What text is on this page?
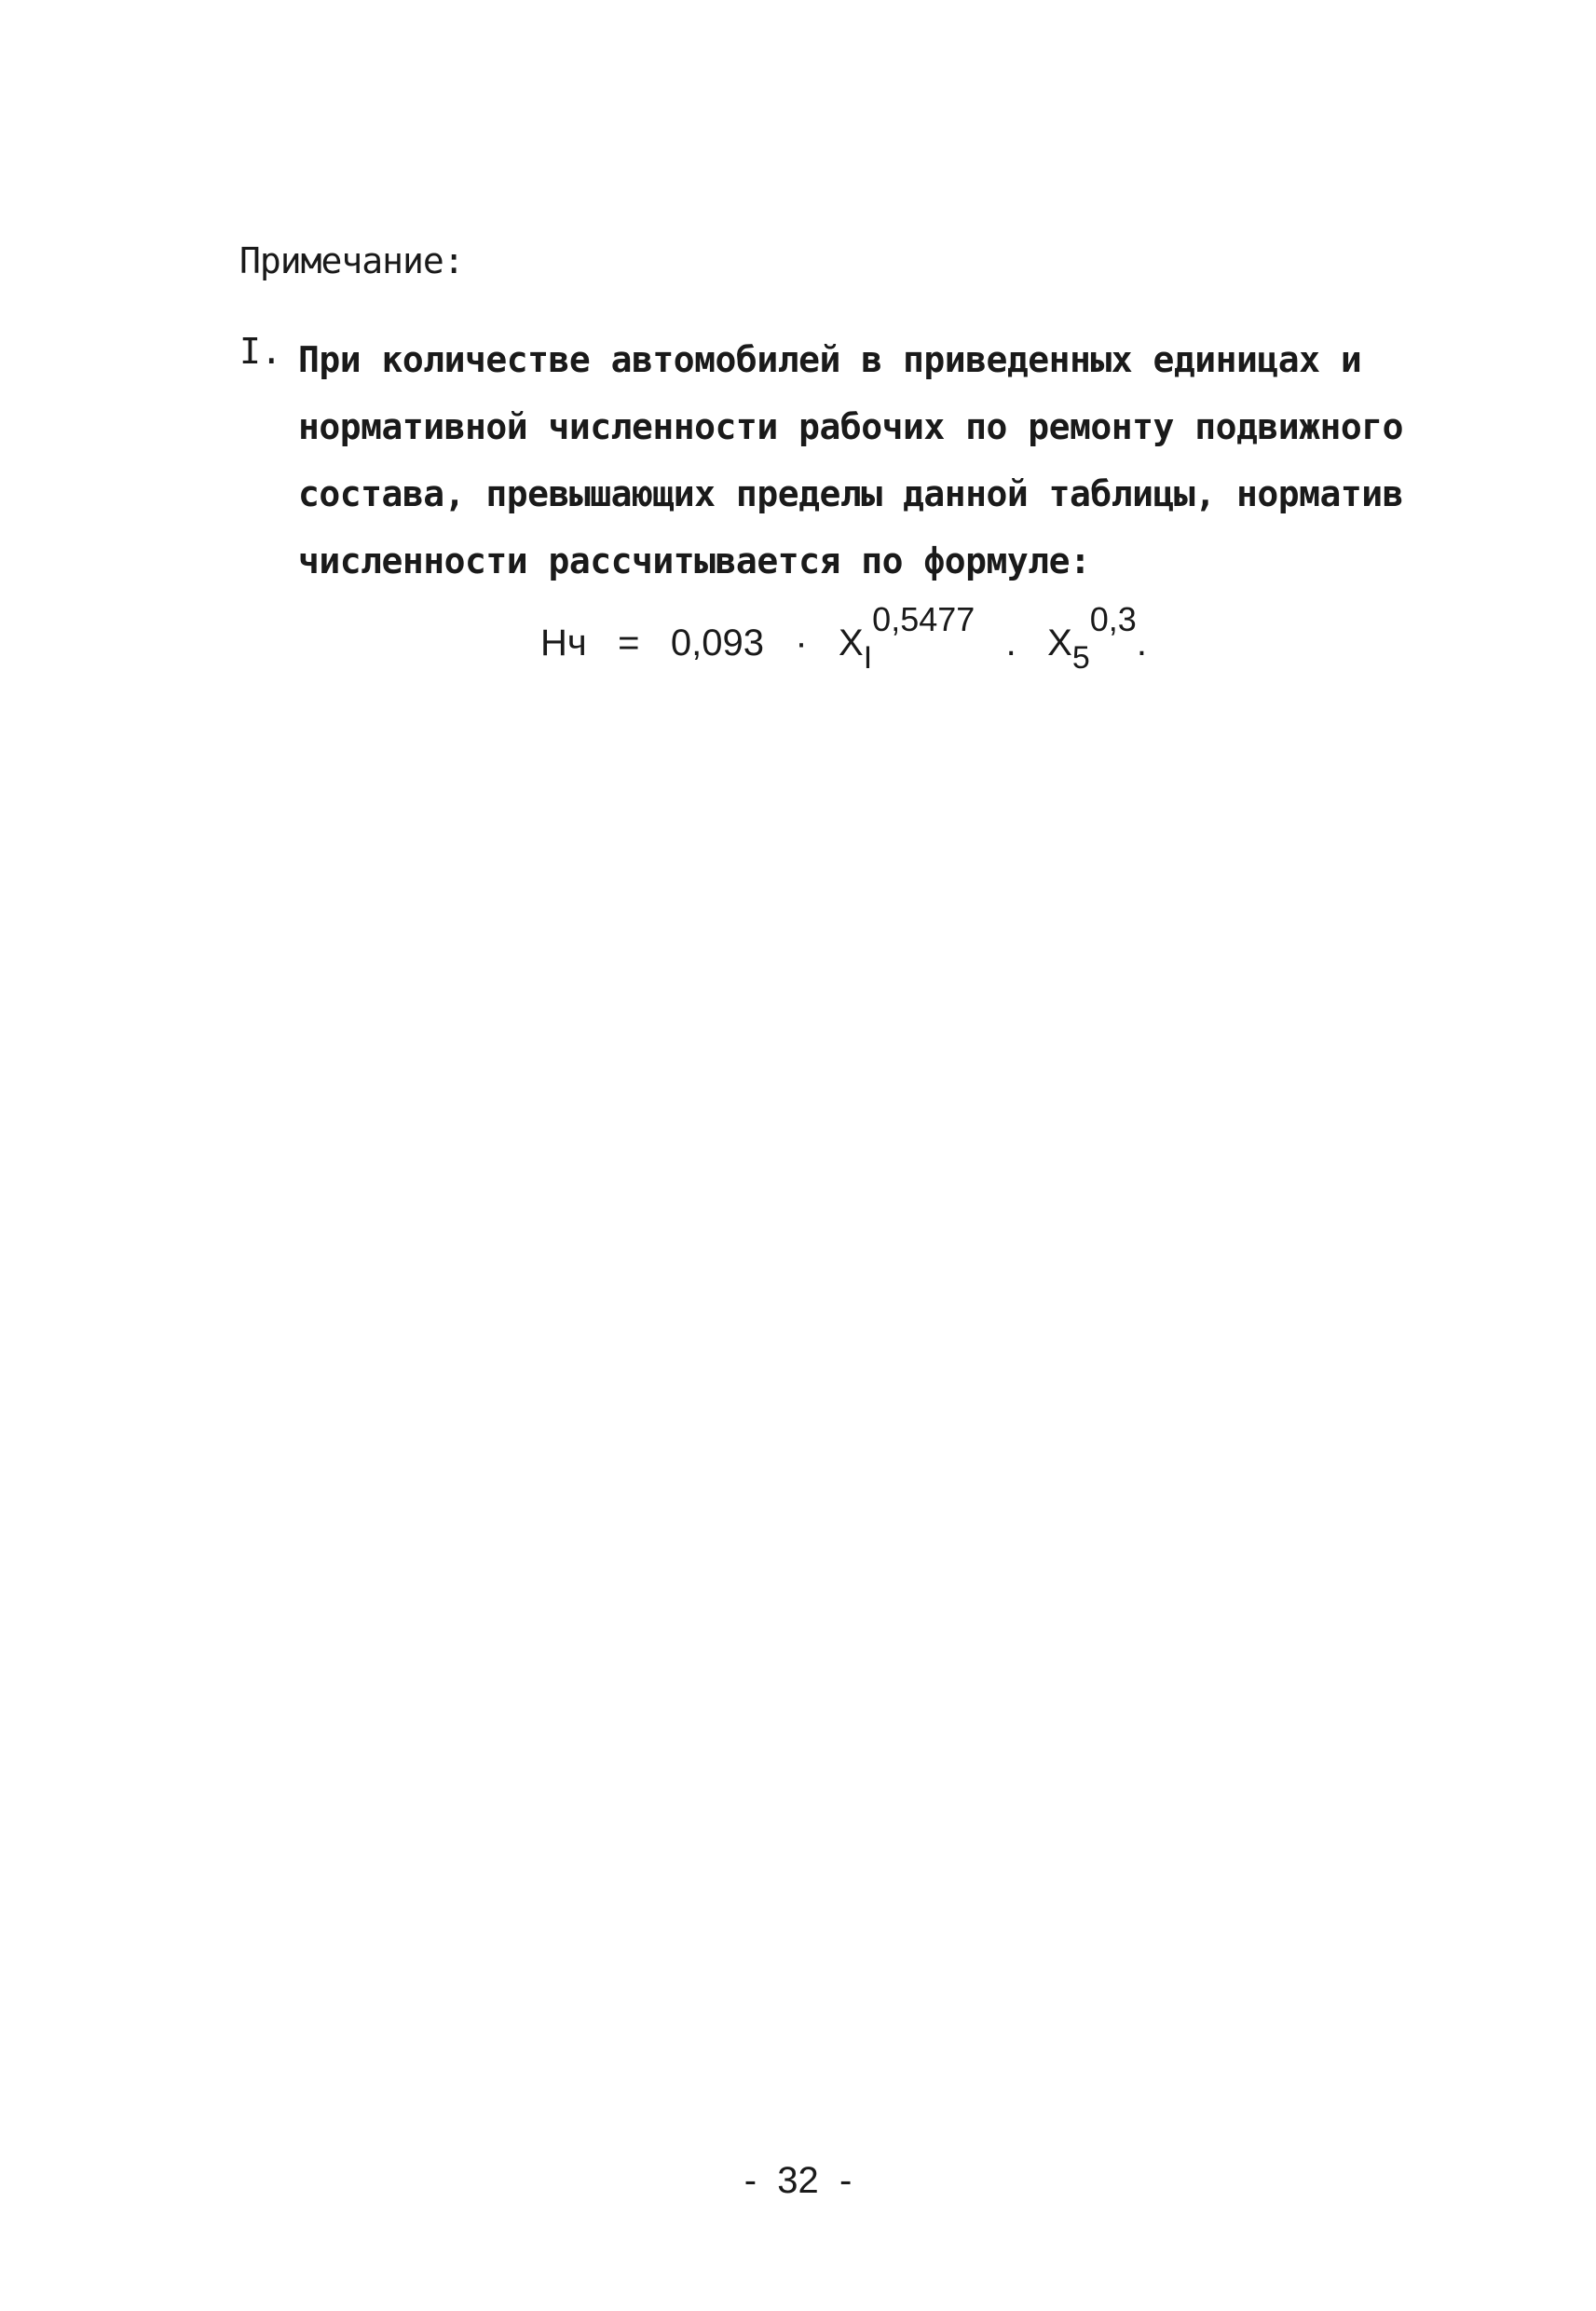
Примечание:
I. При количестве автомобилей в приведенных единицах и
нормативной численности рабочих по ремонту подвижного
состава, превышающих пределы данной таблицы, норматив
численности рассчитывается по формуле:
Нч = $0,093 \cdot X_I^{0,5477}$   . $X_5^{0,3}$.
-  32  -
